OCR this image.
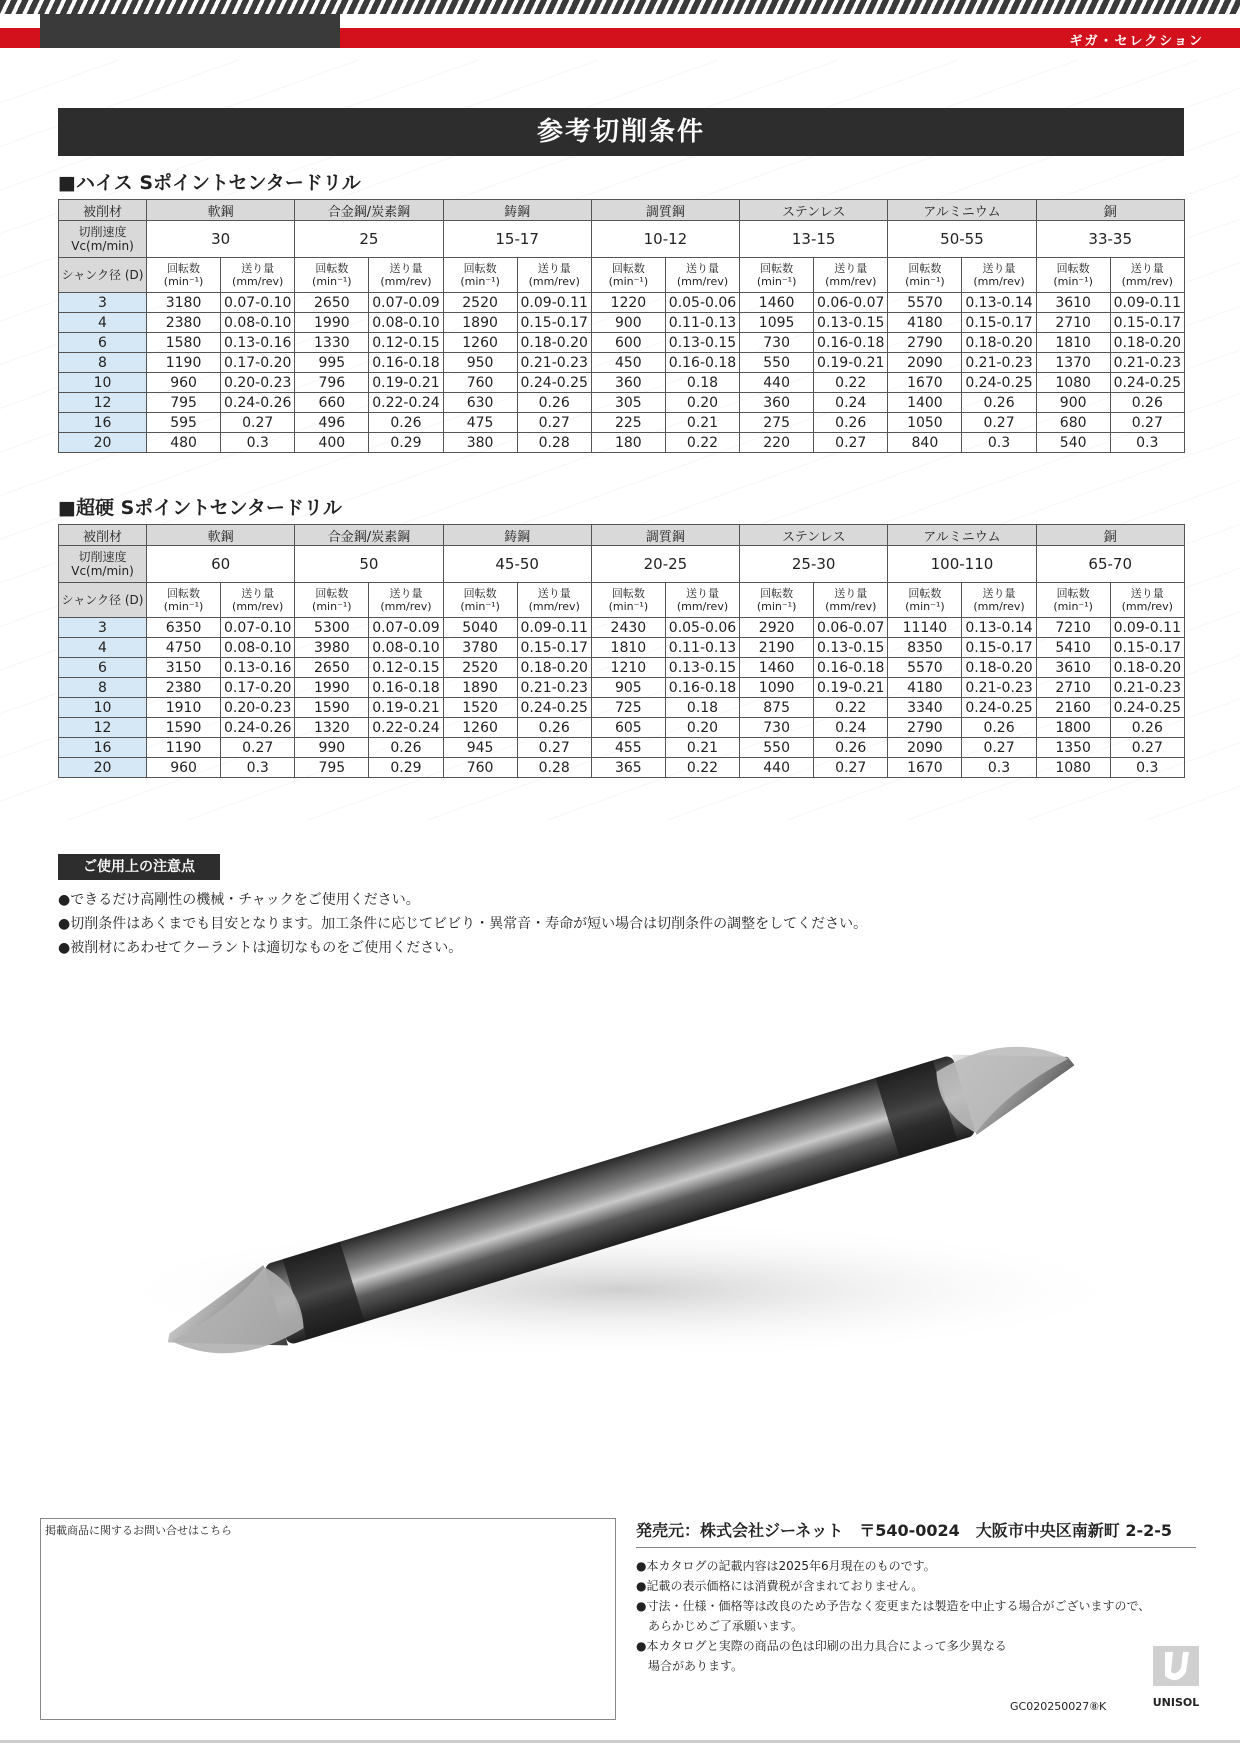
ギガ・セレクション
参考切削条件
■ハイス Sポイントセンタードリル
被削材	軟鋼		合金鋼/炭素鋼		鋳鋼		調質鋼		ステンレス		アルミニウム		銅	
切削速度 Vc(m/min)	30		25		15-17		10-12		13-15		50-55		33-35	
シャンク径 (D)	回転数 (min⁻¹)	送り量 (mm/rev)	回転数 (min⁻¹)	送り量 (mm/rev)	回転数 (min⁻¹)	送り量 (mm/rev)	回転数 (min⁻¹)	送り量 (mm/rev)	回転数 (min⁻¹)	送り量 (mm/rev)	回転数 (min⁻¹)	送り量 (mm/rev)	回転数 (min⁻¹)	送り量 (mm/rev)
3	3180	0.07-0.10	2650	0.07-0.09	2520	0.09-0.11	1220	0.05-0.06	1460	0.06-0.07	5570	0.13-0.14	3610	0.09-0.11
4	2380	0.08-0.10	1990	0.08-0.10	1890	0.15-0.17	900	0.11-0.13	1095	0.13-0.15	4180	0.15-0.17	2710	0.15-0.17
6	1580	0.13-0.16	1330	0.12-0.15	1260	0.18-0.20	600	0.13-0.15	730	0.16-0.18	2790	0.18-0.20	1810	0.18-0.20
8	1190	0.17-0.20	995	0.16-0.18	950	0.21-0.23	450	0.16-0.18	550	0.19-0.21	2090	0.21-0.23	1370	0.21-0.23
10	960	0.20-0.23	796	0.19-0.21	760	0.24-0.25	360	0.18	440	0.22	1670	0.24-0.25	1080	0.24-0.25
12	795	0.24-0.26	660	0.22-0.24	630	0.26	305	0.20	360	0.24	1400	0.26	900	0.26
16	595	0.27	496	0.26	475	0.27	225	0.21	275	0.26	1050	0.27	680	0.27
20	480	0.3	400	0.29	380	0.28	180	0.22	220	0.27	840	0.3	540	0.3
■超硬 Sポイントセンタードリル
被削材	軟鋼		合金鋼/炭素鋼		鋳鋼		調質鋼		ステンレス		アルミニウム		銅	
切削速度 Vc(m/min)	60		50		45-50		20-25		25-30		100-110		65-70	
シャンク径 (D)	回転数 (min⁻¹)	送り量 (mm/rev)	回転数 (min⁻¹)	送り量 (mm/rev)	回転数 (min⁻¹)	送り量 (mm/rev)	回転数 (min⁻¹)	送り量 (mm/rev)	回転数 (min⁻¹)	送り量 (mm/rev)	回転数 (min⁻¹)	送り量 (mm/rev)	回転数 (min⁻¹)	送り量 (mm/rev)
3	6350	0.07-0.10	5300	0.07-0.09	5040	0.09-0.11	2430	0.05-0.06	2920	0.06-0.07	11140	0.13-0.14	7210	0.09-0.11
4	4750	0.08-0.10	3980	0.08-0.10	3780	0.15-0.17	1810	0.11-0.13	2190	0.13-0.15	8350	0.15-0.17	5410	0.15-0.17
6	3150	0.13-0.16	2650	0.12-0.15	2520	0.18-0.20	1210	0.13-0.15	1460	0.16-0.18	5570	0.18-0.20	3610	0.18-0.20
8	2380	0.17-0.20	1990	0.16-0.18	1890	0.21-0.23	905	0.16-0.18	1090	0.19-0.21	4180	0.21-0.23	2710	0.21-0.23
10	1910	0.20-0.23	1590	0.19-0.21	1520	0.24-0.25	725	0.18	875	0.22	3340	0.24-0.25	2160	0.24-0.25
12	1590	0.24-0.26	1320	0.22-0.24	1260	0.26	605	0.20	730	0.24	2790	0.26	1800	0.26
16	1190	0.27	990	0.26	945	0.27	455	0.21	550	0.26	2090	0.27	1350	0.27
20	960	0.3	795	0.29	760	0.28	365	0.22	440	0.27	1670	0.3	1080	0.3
ご使用上の注意点
●できるだけ高剛性の機械・チャックをご使用ください。
●切削条件はあくまでも目安となります。加工条件に応じてビビり・異常音・寿命が短い場合は切削条件の調整をしてください。
●被削材にあわせてクーラントは適切なものをご使用ください。
掲載商品に関するお問い合せはこちら	発売元：株式会社ジーネット　〒540-0024　大阪市中央区南新町 2-2-5
●本カタログの記載内容は2025年6月現在のものです。
●記載の表示価格には消費税が含まれておりません。
●寸法・仕様・価格等は改良のため予告なく変更または製造を中止する場合がございますので、
　あらかじめご了承願います。
●本カタログと実際の商品の色は印刷の出力具合によって多少異なる
　場合があります。
GC020250027⑧K	UNISOL
